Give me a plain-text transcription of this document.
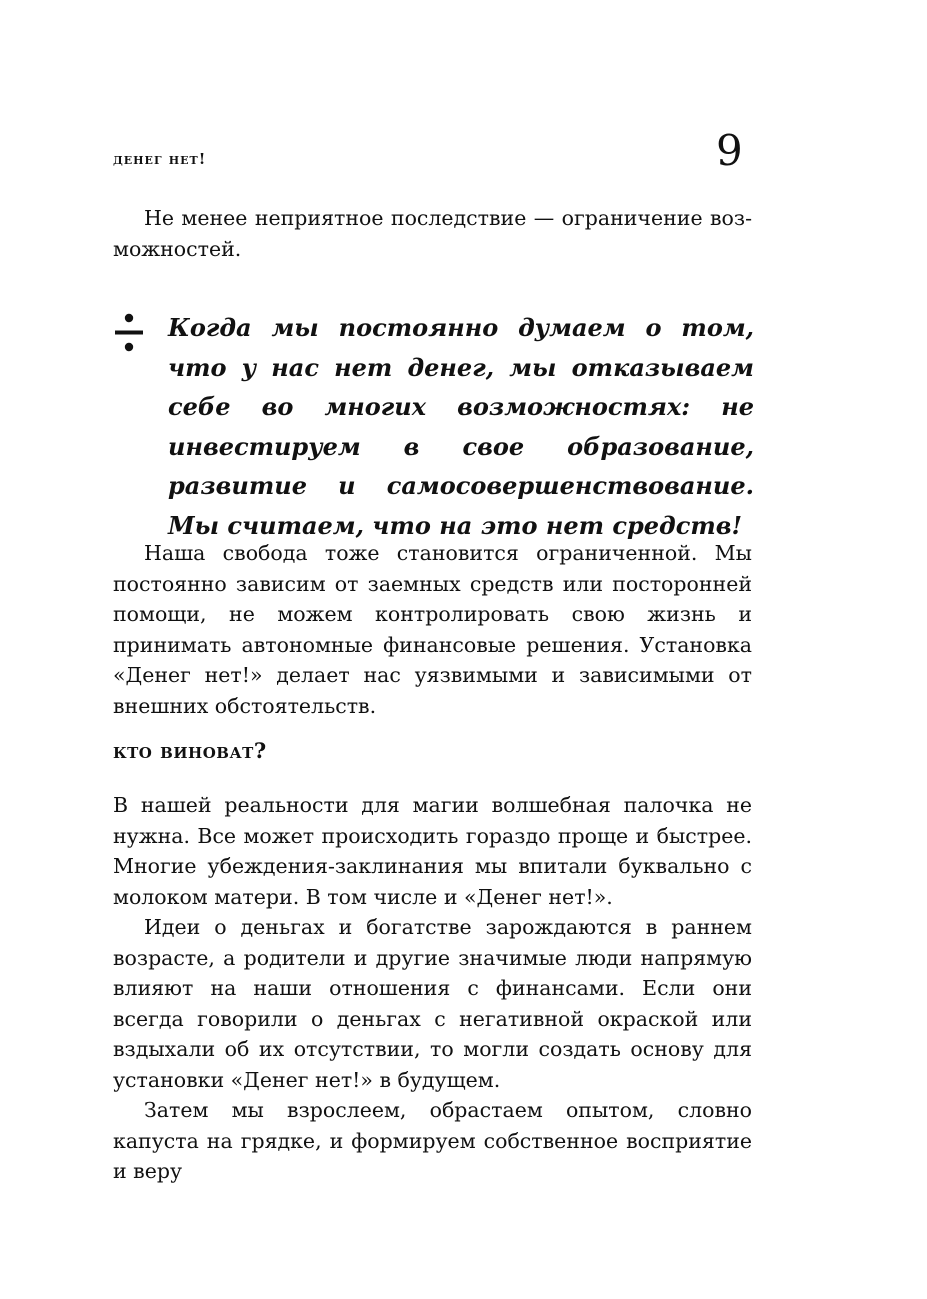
денег нет!	9

Не менее неприятное последствие — ограничение возможностей.

Когда мы постоянно думаем о том, что у нас нет денег, мы отказываем себе во многих возможностях: не инвестируем в свое образование, развитие и самосовершенствование. Мы считаем, что на это нет средств!

Наша свобода тоже становится ограниченной. Мы постоянно зависим от заемных средств или посторонней помощи, не можем контролировать свою жизнь и принимать автономные финансовые решения. Установка «Денег нет!» делает нас уязвимыми и зависимыми от внешних обстоятельств.

кто виноват?

В нашей реальности для магии волшебная палочка не нужна. Все может происходить гораздо проще и быстрее. Многие убеждения-заклинания мы впитали буквально с молоком матери. В том числе и «Денег нет!».

Идеи о деньгах и богатстве зарождаются в раннем возрасте, а родители и другие значимые люди напрямую влияют на наши отношения с финансами. Если они всегда говорили о деньгах с негативной окраской или вздыхали об их отсутствии, то могли создать основу для установки «Денег нет!» в будущем.

Затем мы взрослеем, обрастаем опытом, словно капуста на грядке, и формируем собственное восприятие и веру
